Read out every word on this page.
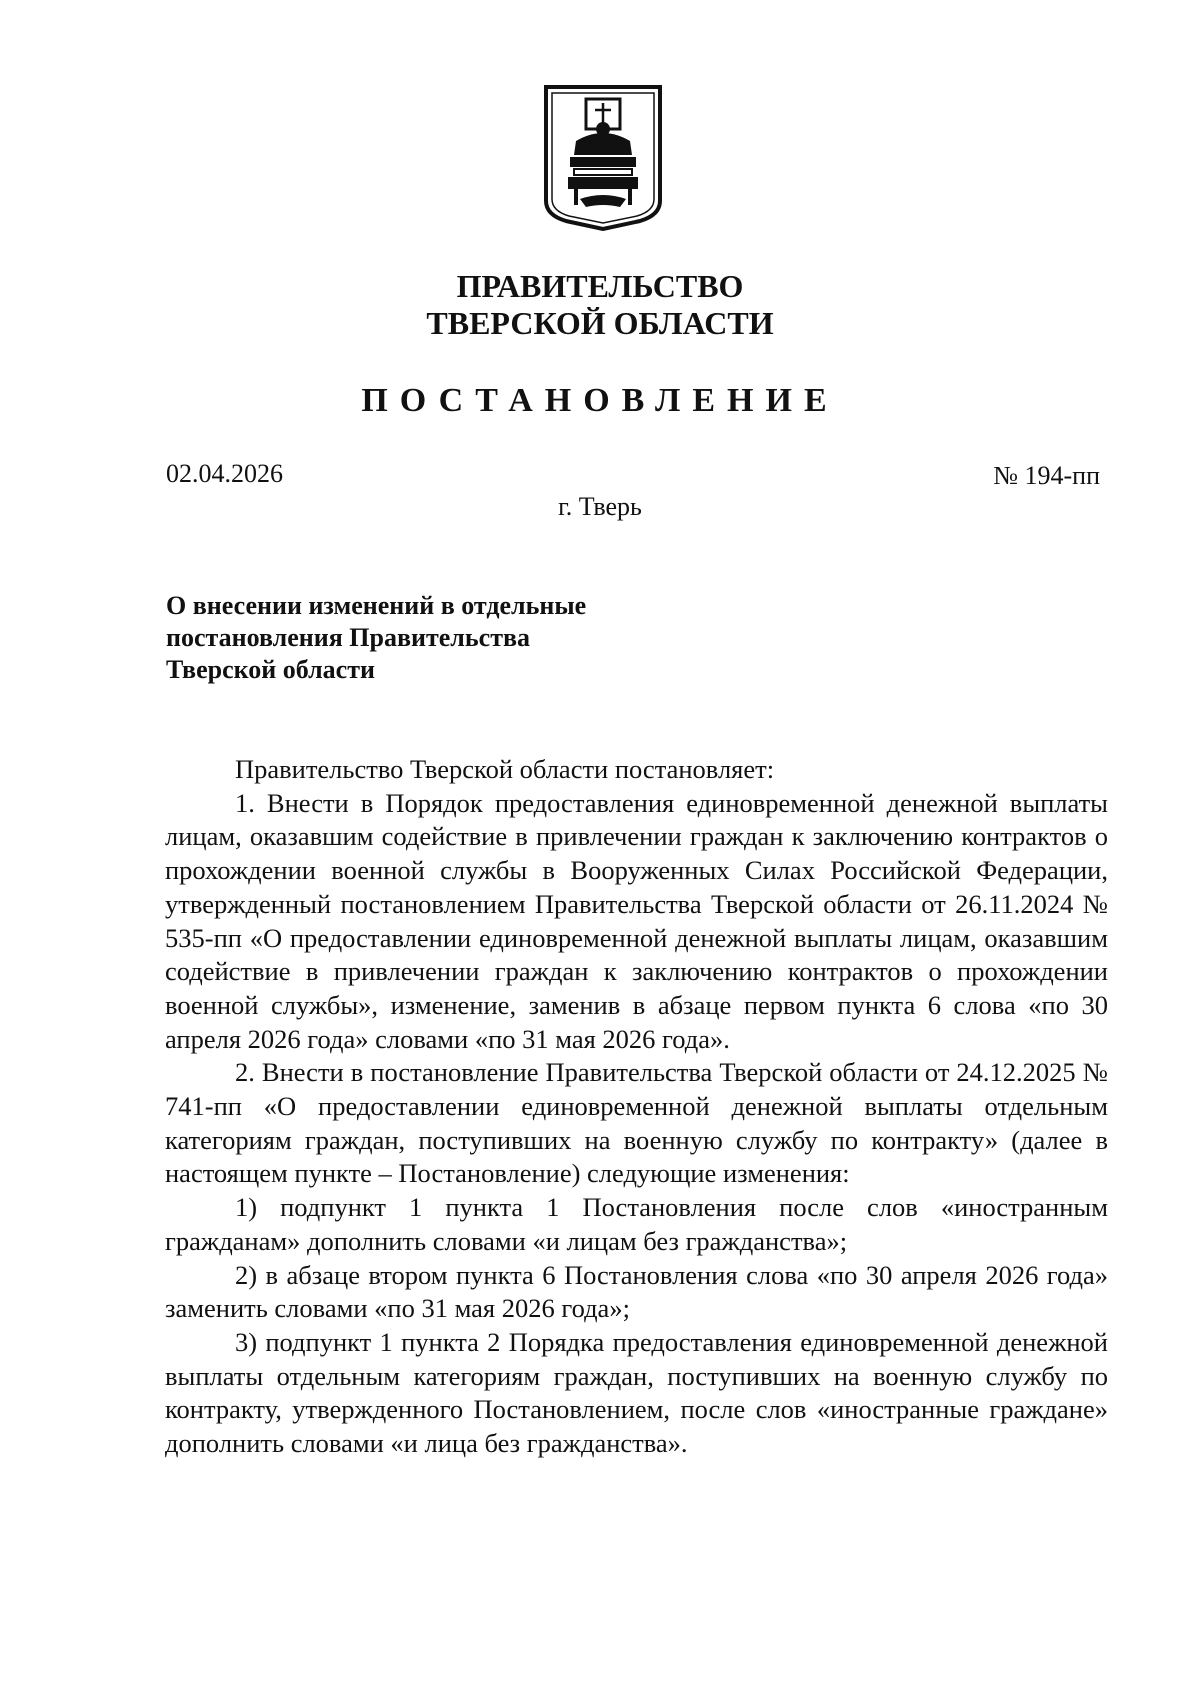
ПРАВИТЕЛЬСТВО
ТВЕРСКОЙ ОБЛАСТИ
ПОСТАНОВЛЕНИЕ
02.04.2026	№ 194-пп
г. Тверь
О внесении изменений в отдельные
постановления Правительства
Тверской области

Правительство Тверской области постановляет:

1. Внести в Порядок предоставления единовременной денежной выплаты лицам, оказавшим содействие в привлечении граждан к заключению контрактов о прохождении военной службы в Вооруженных Силах Российской Федерации, утвержденный постановлением Правительства Тверской области от 26.11.2024 № 535-пп «О предоставлении единовременной денежной выплаты лицам, оказавшим содействие в привлечении граждан к заключению контрактов о прохождении военной службы», изменение, заменив в абзаце первом пункта 6 слова «по 30 апреля 2026 года» словами «по 31 мая 2026 года».

2. Внести в постановление Правительства Тверской области от 24.12.2025 № 741-пп «О предоставлении единовременной денежной выплаты отдельным категориям граждан, поступивших на военную службу по контракту» (далее в настоящем пункте – Постановление) следующие изменения:

1) подпункт 1 пункта 1 Постановления после слов «иностранным гражданам» дополнить словами «и лицам без гражданства»;

2) в абзаце втором пункта 6 Постановления слова «по 30 апреля 2026 года» заменить словами «по 31 мая 2026 года»;

3) подпункт 1 пункта 2 Порядка предоставления единовременной денежной выплаты отдельным категориям граждан, поступивших на военную службу по контракту, утвержденного Постановлением, после слов «иностранные граждане» дополнить словами «и лица без гражданства».
